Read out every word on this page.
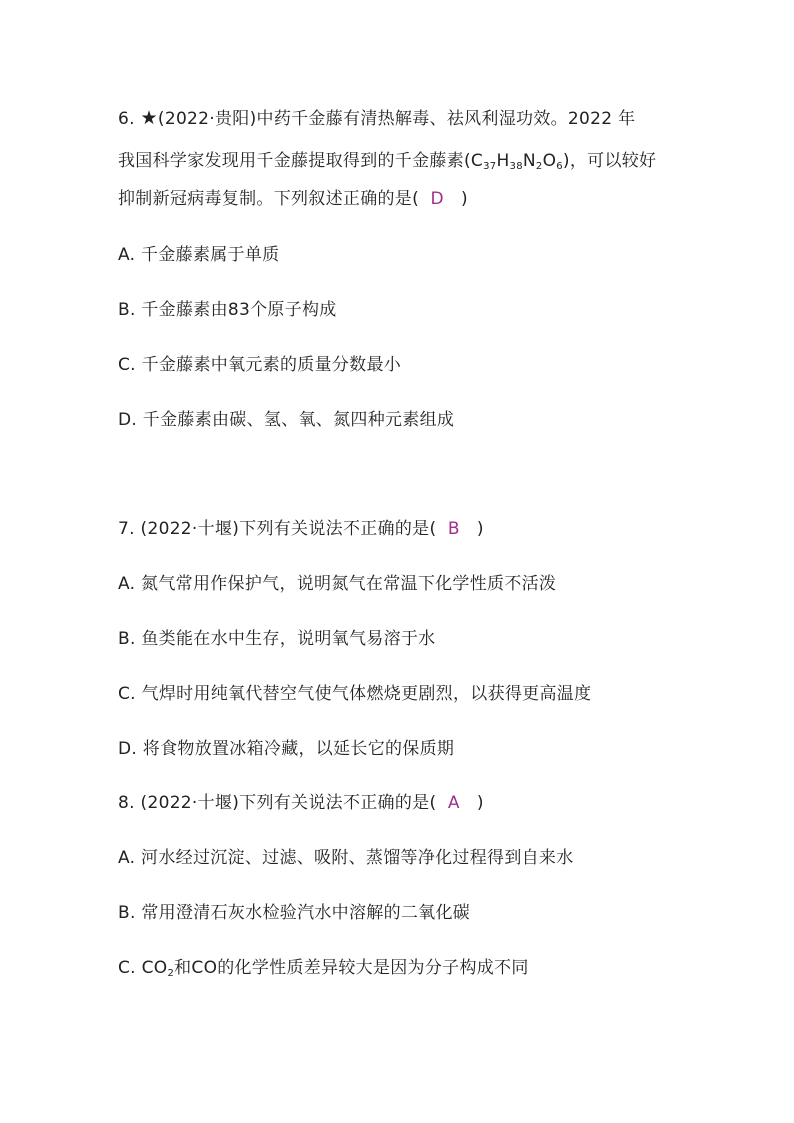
6. ★(2022·贵阳)中药千金藤有清热解毒、祛风利湿功效。2022 年
我国科学家发现用千金藤提取得到的千金藤素$(C_{37}H_{38}N_2O_6)$，可以较好
抑制新冠病毒复制。下列叙述正确的是( D )
A. 千金藤素属于单质
B. 千金藤素由83个原子构成
C. 千金藤素中氧元素的质量分数最小
D. 千金藤素由碳、氢、氧、氮四种元素组成
7. (2022·十堰)下列有关说法不正确的是( B )
A. 氮气常用作保护气，说明氮气在常温下化学性质不活泼
B. 鱼类能在水中生存，说明氧气易溶于水
C. 气焊时用纯氧代替空气使气体燃烧更剧烈，以获得更高温度
D. 将食物放置冰箱冷藏，以延长它的保质期
8. (2022·十堰)下列有关说法不正确的是( A )
A. 河水经过沉淀、过滤、吸附、蒸馏等净化过程得到自来水
B. 常用澄清石灰水检验汽水中溶解的二氧化碳
C. $CO_2$和CO的化学性质差异较大是因为分子构成不同
